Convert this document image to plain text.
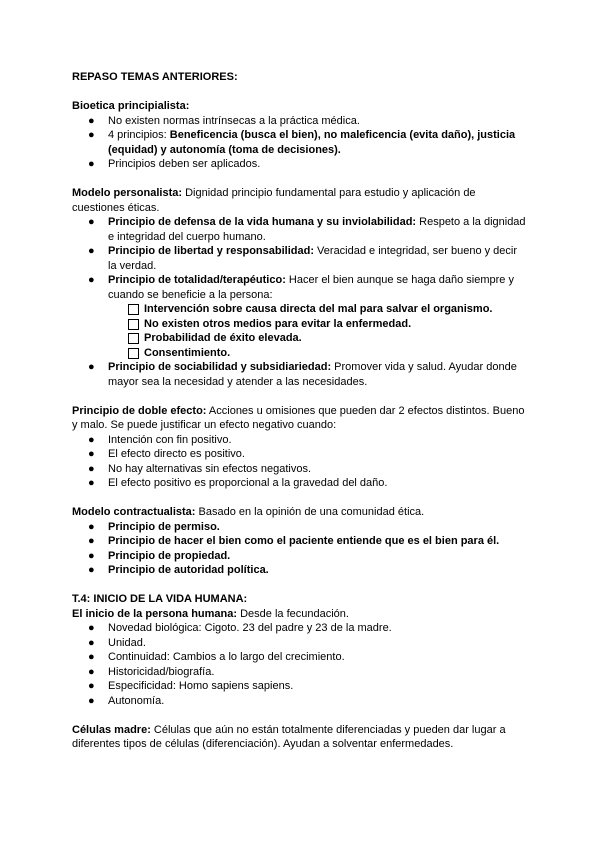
REPASO TEMAS ANTERIORES:

Bioetica principialista:

● No existen normas intrínsecas a la práctica médica.
● 4 principios: Beneficencia (busca el bien), no maleficencia (evita daño), justicia (equidad) y autonomía (toma de decisiones).
● Principios deben ser aplicados.

Modelo personalista: Dignidad principio fundamental para estudio y aplicación de cuestiones éticas.

● Principio de defensa de la vida humana y su inviolabilidad: Respeto a la dignidad e integridad del cuerpo humano.
● Principio de libertad y responsabilidad: Veracidad e integridad, ser bueno y decir la verdad.
● Principio de totalidad/terapéutico: Hacer el bien aunque se haga daño siempre y cuando se beneficie a la persona:
Intervención sobre causa directa del mal para salvar el organismo.
No existen otros medios para evitar la enfermedad.
Probabilidad de éxito elevada.
Consentimiento.
● Principio de sociabilidad y subsidiariedad: Promover vida y salud. Ayudar donde mayor sea la necesidad y atender a las necesidades.

Principio de doble efecto: Acciones u omisiones que pueden dar 2 efectos distintos. Bueno y malo. Se puede justificar un efecto negativo cuando:

● Intención con fin positivo.
● El efecto directo es positivo.
● No hay alternativas sin efectos negativos.
● El efecto positivo es proporcional a la gravedad del daño.

Modelo contractualista: Basado en la opinión de una comunidad ética.

● Principio de permiso.
● Principio de hacer el bien como el paciente entiende que es el bien para él.
● Principio de propiedad.
● Principio de autoridad política.

T.4: INICIO DE LA VIDA HUMANA:

El inicio de la persona humana: Desde la fecundación.

● Novedad biológica: Cigoto. 23 del padre y 23 de la madre.
● Unidad.
● Continuidad: Cambios a lo largo del crecimiento.
● Historicidad/biografía.
● Especificidad: Homo sapiens sapiens.
● Autonomía.

Células madre: Células que aún no están totalmente diferenciadas y pueden dar lugar a diferentes tipos de células (diferenciación). Ayudan a solventar enfermedades.
